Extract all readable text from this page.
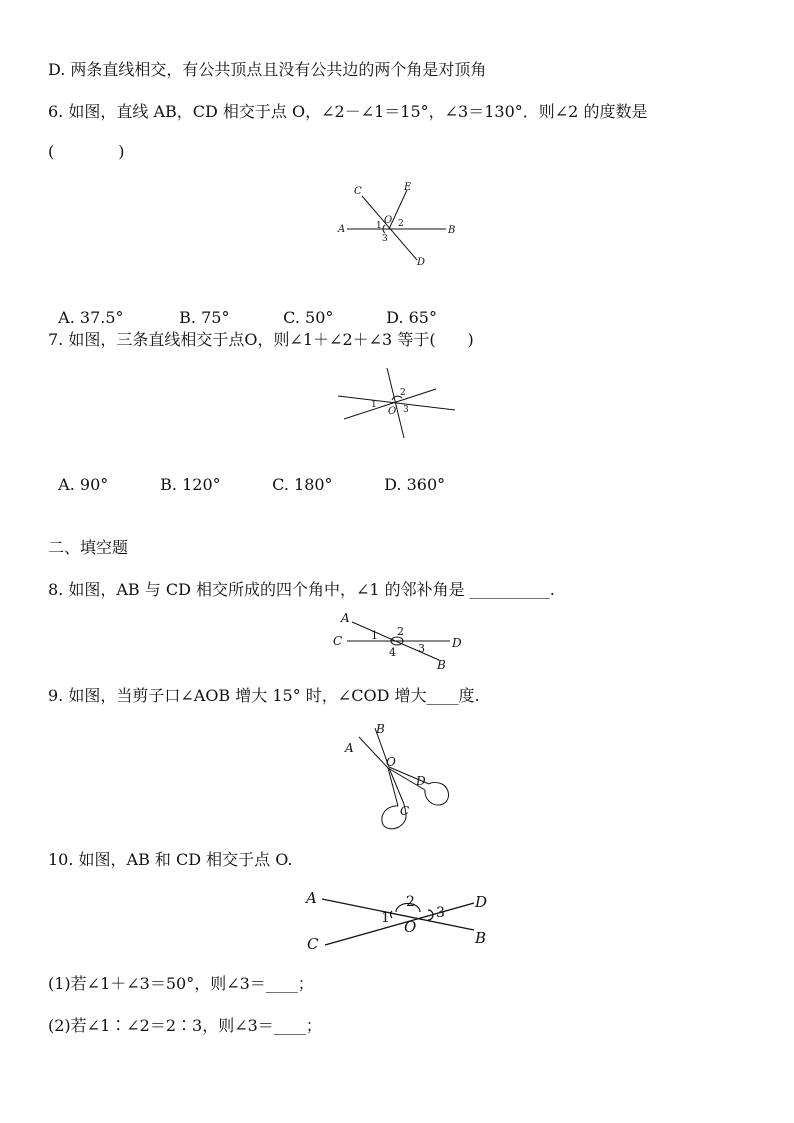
D. 两条直线相交，有公共顶点且没有公共边的两个角是对顶角
6. 如图，直线 AB，CD 相交于点 O，∠2－∠1＝15°，∠3＝130°．则∠2 的度数是
(　　　　)
C	E
A	B
D
O
1 2
3

A. 37.5°	B. 75°	C. 50°	D. 65°

7. 如图，三条直线相交于点O，则∠1＋∠2＋∠3 等于(　　)
2
1
O 3

A. 90°	B. 120°	C. 180°	D. 360°

二、填空题
8. 如图，AB 与 CD 相交所成的四个角中，∠1 的邻补角是 __________.
A
C	D
B
1 2
3
4
9. 如图，当剪子口∠AOB 增大 15° 时，∠COD 增大____度.
B
A
O
D
C
10. 如图，AB 和 CD 相交于点 O.
A
C
D
B
O
1
2
3
(1)若∠1＋∠3＝50°，则∠3＝____；
(2)若∠1∶∠2＝2∶3，则∠3＝____；
